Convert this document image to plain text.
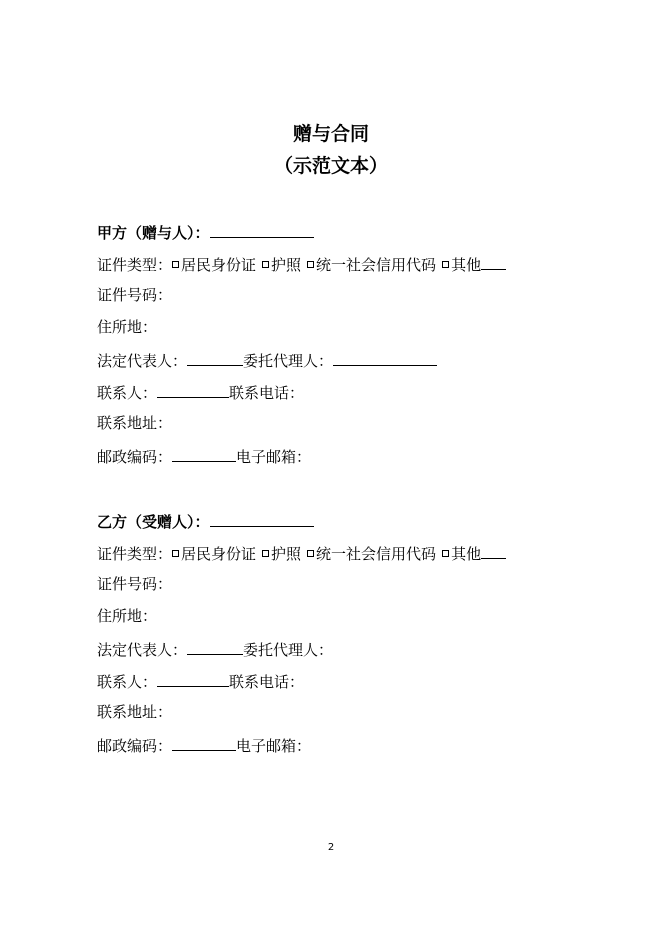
赠与合同
（示范文本）
甲方（赠与人）：
证件类型： 居民身份证 护照 统一社会信用代码 其他
证件号码：
住所地：
法定代表人：	委托代理人：
联系人：	联系电话：
联系地址：
邮政编码：	电子邮箱：
乙方（受赠人）：
证件类型： 居民身份证 护照 统一社会信用代码 其他
证件号码：
住所地：
法定代表人：	委托代理人：
联系人：	联系电话：
联系地址：
邮政编码：	电子邮箱：
2
